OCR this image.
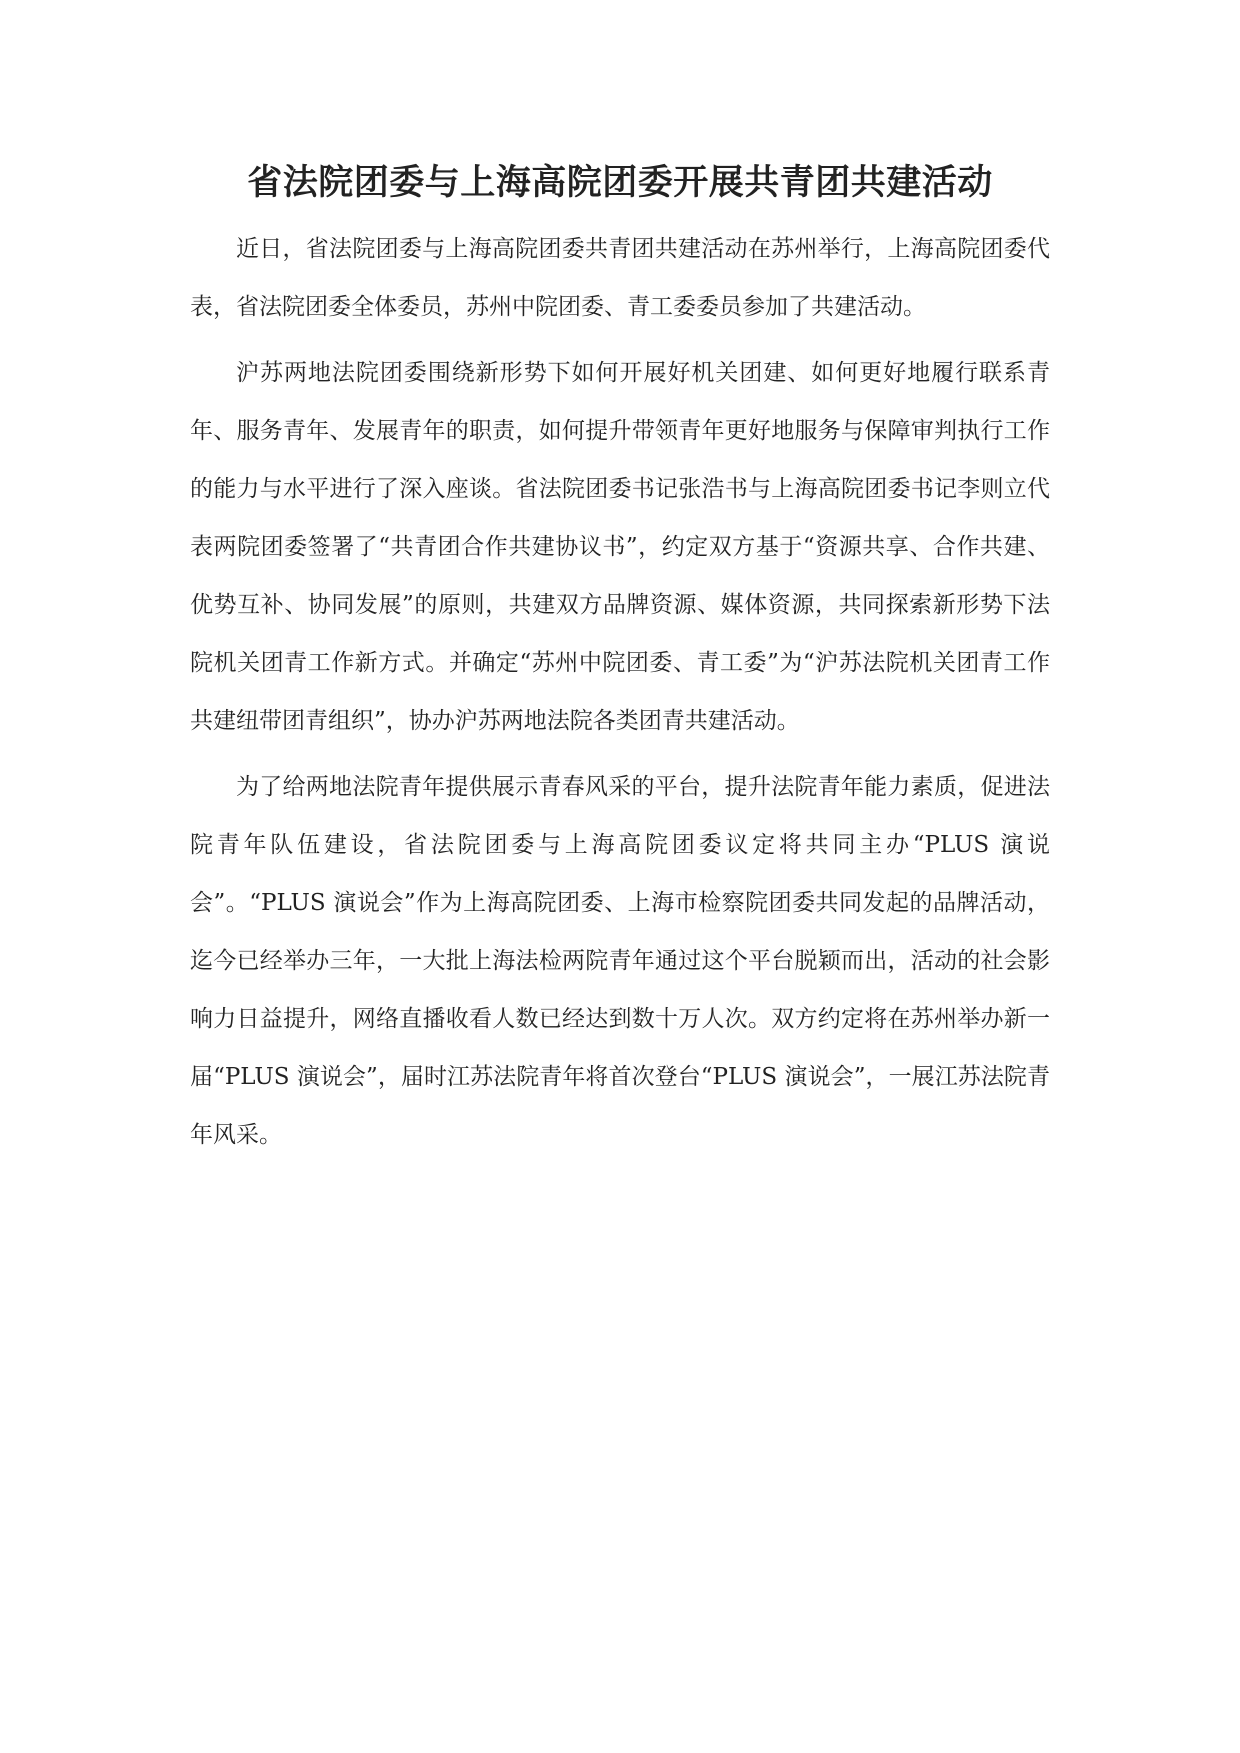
省法院团委与上海高院团委开展共青团共建活动

近日，省法院团委与上海高院团委共青团共建活动在苏州举行，上海高院团委代表，省法院团委全体委员，苏州中院团委、青工委委员参加了共建活动。

沪苏两地法院团委围绕新形势下如何开展好机关团建、如何更好地履行联系青年、服务青年、发展青年的职责，如何提升带领青年更好地服务与保障审判执行工作的能力与水平进行了深入座谈。省法院团委书记张浩书与上海高院团委书记李则立代表两院团委签署了“共青团合作共建协议书”，约定双方基于“资源共享、合作共建、优势互补、协同发展”的原则，共建双方品牌资源、媒体资源，共同探索新形势下法院机关团青工作新方式。并确定“苏州中院团委、青工委”为“沪苏法院机关团青工作共建纽带团青组织”，协办沪苏两地法院各类团青共建活动。

为了给两地法院青年提供展示青春风采的平台，提升法院青年能力素质，促进法院青年队伍建设，省法院团委与上海高院团委议定将共同主办“PLUS 演说会”。“PLUS 演说会”作为上海高院团委、上海市检察院团委共同发起的品牌活动，迄今已经举办三年，一大批上海法检两院青年通过这个平台脱颖而出，活动的社会影响力日益提升，网络直播收看人数已经达到数十万人次。双方约定将在苏州举办新一届“PLUS 演说会”，届时江苏法院青年将首次登台“PLUS 演说会”，一展江苏法院青年风采。
